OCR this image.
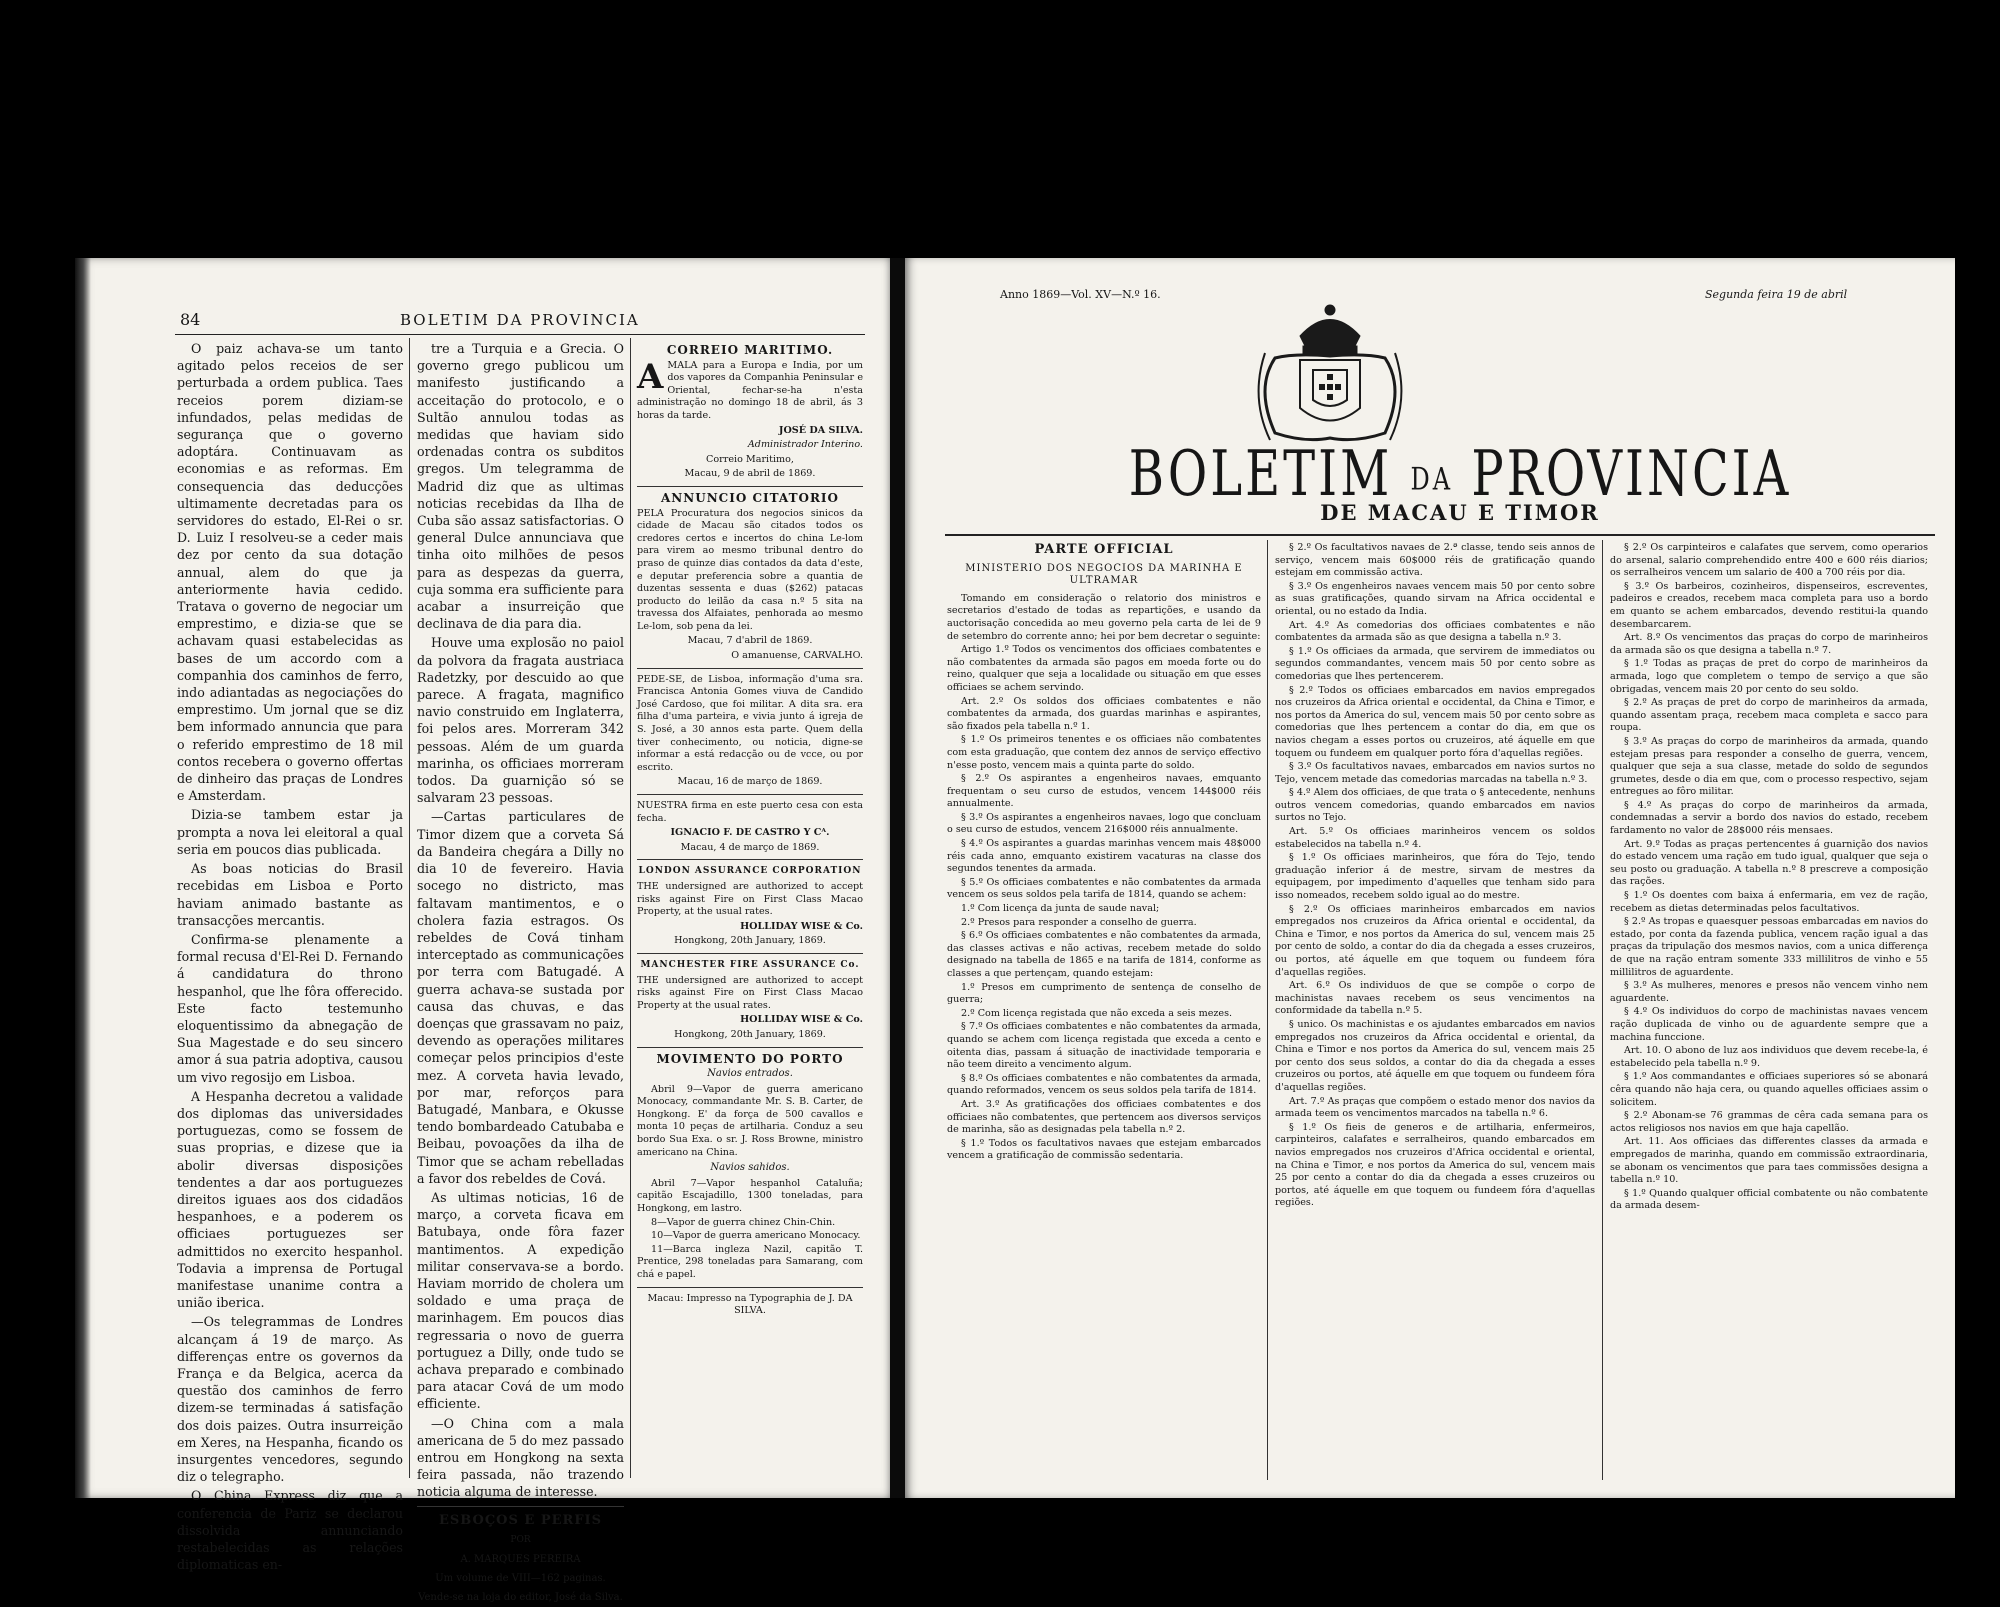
84	BOLETIM DA PROVINCIA

O paiz achava-se um tanto agitado pelos receios de ser perturbada a ordem publica. Taes receios porem diziam-se infundados, pelas medidas de segurança que o governo adoptára. Continuavam as economias e as reformas. Em consequencia das deducções ultimamente decretadas para os servidores do estado, El-Rei o sr. D. Luiz I resolveu-se a ceder mais dez por cento da sua dotação annual, alem do que ja anteriormente havia cedido. Tratava o governo de negociar um emprestimo, e dizia-se que se achavam quasi estabelecidas as bases de um accordo com a companhia dos caminhos de ferro, indo adiantadas as negociações do emprestimo. Um jornal que se diz bem informado annuncia que para o referido emprestimo de 18 mil contos recebera o governo offertas de dinheiro das praças de Londres e Amsterdam.

Dizia-se tambem estar ja prompta a nova lei eleitoral a qual seria em poucos dias publicada.

As boas noticias do Brasil recebidas em Lisboa e Porto haviam animado bastante as transacções mercantis.

Confirma-se plenamente a formal recusa d'El-Rei D. Fernando á candidatura do throno hespanhol, que lhe fôra offerecido. Este facto testemunho eloquentissimo da abnegação de Sua Magestade e do seu sincero amor á sua patria adoptiva, causou um vivo regosijo em Lisboa.

A Hespanha decretou a validade dos diplomas das universidades portuguezas, como se fossem de suas proprias, e dizese que ia abolir diversas disposições tendentes a dar aos portuguezes direitos iguaes aos dos cidadãos hespanhoes, e a poderem os officiaes portuguezes ser admittidos no exercito hespanhol. Todavia a imprensa de Portugal manifestase unanime contra a união iberica.

—Os telegrammas de Londres alcançam á 19 de março. As differenças entre os governos da França e da Belgica, acerca da questão dos caminhos de ferro dizem-se terminadas á satisfação dos dois paizes. Outra insurreição em Xeres, na Hespanha, ficando os insurgentes vencedores, segundo diz o telegrapho.

O China Express diz que a conferencia de Pariz se declarou dissolvida annunciando restabelecidas as relações diplomaticas en-

tre a Turquia e a Grecia. O governo grego publicou um manifesto justificando a acceitação do protocolo, e o Sultão annulou todas as medidas que haviam sido ordenadas contra os subditos gregos. Um telegramma de Madrid diz que as ultimas noticias recebidas da Ilha de Cuba são assaz satisfactorias. O general Dulce annunciava que tinha oito milhões de pesos para as despezas da guerra, cuja somma era sufficiente para acabar a insurreição que declinava de dia para dia.

Houve uma explosão no paiol da polvora da fragata austriaca Radetzky, por descuido ao que parece. A fragata, magnifico navio construido em Inglaterra, foi pelos ares. Morreram 342 pessoas. Além de um guarda marinha, os officiaes morreram todos. Da guarnição só se salvaram 23 pessoas.

—Cartas particulares de Timor dizem que a corveta Sá da Bandeira chegára a Dilly no dia 10 de fevereiro. Havia socego no districto, mas faltavam mantimentos, e o cholera fazia estragos. Os rebeldes de Cová tinham interceptado as communicações por terra com Batugadé. A guerra achava-se sustada por causa das chuvas, e das doenças que grassavam no paiz, devendo as operações militares começar pelos principios d'este mez. A corveta havia levado, por mar, reforços para Batugadé, Manbara, e Okusse tendo bombardeado Catubaba e Beibau, povoações da ilha de Timor que se acham rebelladas a favor dos rebeldes de Cová.

As ultimas noticias, 16 de março, a corveta ficava em Batubaya, onde fôra fazer mantimentos. A expedição militar conservava-se a bordo. Haviam morrido de cholera um soldado e uma praça de marinhagem. Em poucos dias regressaria o novo de guerra portuguez a Dilly, onde tudo se achava preparado e combinado para atacar Cová de um modo efficiente.

—O China com a mala americana de 5 do mez passado entrou em Hongkong na sexta feira passada, não trazendo noticia alguma de interesse.

ESBOÇOS E PERFIS
POR
A. MARQUES PEREIRA
Um volume de VIII—162 paginas.
Vende-se na loja do editor, José da Silva.
CORREIO MARITIMO.

AMALA para a Europa e India, por um dos vapores da Companhia Peninsular e Oriental, fechar-se-ha n'esta administração no domingo 18 de abril, ás 3 horas da tarde.

JOSÉ DA SILVA.
Administrador Interino.
Correio Maritimo,
Macau, 9 de abril de 1869.
ANNUNCIO CITATORIO

PELA Procuratura dos negocios sinicos da cidade de Macau são citados todos os credores certos e incertos do china Le-lom para virem ao mesmo tribunal dentro do praso de quinze dias contados da data d'este, e deputar preferencia sobre a quantia de duzentas sessenta e duas ($262) patacas producto do leilão da casa n.º 5 sita na travessa dos Alfaiates, penhorada ao mesmo Le-lom, sob pena da lei.

Macau, 7 d'abril de 1869.
O amanuense, CARVALHO.

PEDE-SE, de Lisboa, informação d'uma sra. Francisca Antonia Gomes viuva de Candido José Cardoso, que foi militar. A dita sra. era filha d'uma parteira, e vivia junto á igreja de S. José, a 30 annos esta parte. Quem della tiver conhecimento, ou noticia, digne-se informar a está redacção ou de vcce, ou por escrito.

Macau, 16 de março de 1869.

NUESTRA firma en este puerto cesa con esta fecha.

IGNACIO F. DE CASTRO Y Cᴬ.
Macau, 4 de março de 1869.
LONDON ASSURANCE CORPORATION

THE undersigned are authorized to accept risks against Fire on First Class Macao Property, at the usual rates.

HOLLIDAY WISE & Co.
Hongkong, 20th January, 1869.
MANCHESTER FIRE ASSURANCE Co.

THE undersigned are authorized to accept risks against Fire on First Class Macao Property at the usual rates.

HOLLIDAY WISE & Co.
Hongkong, 20th January, 1869.
MOVIMENTO DO PORTO
Navios entrados.

Abril 9—Vapor de guerra americano Monocacy, commandante Mr. S. B. Carter, de Hongkong. E' da força de 500 cavallos e monta 10 peças de artilharia. Conduz a seu bordo Sua Exa. o sr. J. Ross Browne, ministro americano na China.

Navios sahidos.

Abril 7—Vapor hespanhol Cataluña; capitão Escajadillo, 1300 toneladas, para Hongkong, em lastro.

8—Vapor de guerra chinez Chin-Chin.

10—Vapor de guerra americano Monocacy.

11—Barca ingleza Nazil, capitão T. Prentice, 298 toneladas para Samarang, com chá e papel.

Macau: Impresso na Typographia de J. DA SILVA.
Anno 1869—Vol. XV—N.º 16.	Segunda feira 19 de abril
BOLETIM DA PROVINCIA
DE MACAU E TIMOR
PARTE OFFICIAL
MINISTERIO DOS NEGOCIOS DA MARINHA E ULTRAMAR

Tomando em consideração o relatorio dos ministros e secretarios d'estado de todas as repartições, e usando da auctorisação concedida ao meu governo pela carta de lei de 9 de setembro do corrente anno; hei por bem decretar o seguinte:

Artigo 1.º Todos os vencimentos dos officiaes combatentes e não combatentes da armada são pagos em moeda forte ou do reino, qualquer que seja a localidade ou situação em que esses officiaes se achem servindo.

Art. 2.º Os soldos dos officiaes combatentes e não combatentes da armada, dos guardas marinhas e aspirantes, são fixados pela tabella n.º 1.

§ 1.º Os primeiros tenentes e os officiaes não combatentes com esta graduação, que contem dez annos de serviço effectivo n'esse posto, vencem mais a quinta parte do soldo.

§ 2.º Os aspirantes a engenheiros navaes, emquanto frequentam o seu curso de estudos, vencem 144$000 réis annualmente.

§ 3.º Os aspirantes a engenheiros navaes, logo que concluam o seu curso de estudos, vencem 216$000 réis annualmente.

§ 4.º Os aspirantes a guardas marinhas vencem mais 48$000 réis cada anno, emquanto existirem vacaturas na classe dos segundos tenentes da armada.

§ 5.º Os officiaes combatentes e não combatentes da armada vencem os seus soldos pela tarifa de 1814, quando se achem:

1.º Com licença da junta de saude naval;

2.º Presos para responder a conselho de guerra.

§ 6.º Os officiaes combatentes e não combatentes da armada, das classes activas e não activas, recebem metade do soldo designado na tabella de 1865 e na tarifa de 1814, conforme as classes a que pertençam, quando estejam:

1.º Presos em cumprimento de sentença de conselho de guerra;

2.º Com licença registada que não exceda a seis mezes.

§ 7.º Os officiaes combatentes e não combatentes da armada, quando se achem com licença registada que exceda a cento e oitenta dias, passam á situação de inactividade temporaria e não teem direito a vencimento algum.

§ 8.º Os officiaes combatentes e não combatentes da armada, quando reformados, vencem os seus soldos pela tarifa de 1814.

Art. 3.º As gratificações dos officiaes combatentes e dos officiaes não combatentes, que pertencem aos diversos serviços de marinha, são as designadas pela tabella n.º 2.

§ 1.º Todos os facultativos navaes que estejam embarcados vencem a gratificação de commissão sedentaria.

§ 2.º Os facultativos navaes de 2.ª classe, tendo seis annos de serviço, vencem mais 60$000 réis de gratificação quando estejam em commissão activa.

§ 3.º Os engenheiros navaes vencem mais 50 por cento sobre as suas gratificações, quando sirvam na Africa occidental e oriental, ou no estado da India.

Art. 4.º As comedorias dos officiaes combatentes e não combatentes da armada são as que designa a tabella n.º 3.

§ 1.º Os officiaes da armada, que servirem de immediatos ou segundos commandantes, vencem mais 50 por cento sobre as comedorias que lhes pertencerem.

§ 2.º Todos os officiaes embarcados em navios empregados nos cruzeiros da Africa oriental e occidental, da China e Timor, e nos portos da America do sul, vencem mais 50 por cento sobre as comedorias que lhes pertencem a contar do dia, em que os navios chegam a esses portos ou cruzeiros, até áquelle em que toquem ou fundeem em qualquer porto fóra d'aquellas regiões.

§ 3.º Os facultativos navaes, embarcados em navios surtos no Tejo, vencem metade das comedorias marcadas na tabella n.º 3.

§ 4.º Alem dos officiaes, de que trata o § antecedente, nenhuns outros vencem comedorias, quando embarcados em navios surtos no Tejo.

Art. 5.º Os officiaes marinheiros vencem os soldos estabelecidos na tabella n.º 4.

§ 1.º Os officiaes marinheiros, que fóra do Tejo, tendo graduação inferior á de mestre, sirvam de mestres da equipagem, por impedimento d'aquelles que tenham sido para isso nomeados, recebem soldo igual ao do mestre.

§ 2.º Os officiaes marinheiros embarcados em navios empregados nos cruzeiros da Africa oriental e occidental, da China e Timor, e nos portos da America do sul, vencem mais 25 por cento de soldo, a contar do dia da chegada a esses cruzeiros, ou portos, até áquelle em que toquem ou fundeem fóra d'aquellas regiões.

Art. 6.º Os individuos de que se compõe o corpo de machinistas navaes recebem os seus vencimentos na conformidade da tabella n.º 5.

§ unico. Os machinistas e os ajudantes embarcados em navios empregados nos cruzeiros da Africa occidental e oriental, da China e Timor e nos portos da America do sul, vencem mais 25 por cento dos seus soldos, a contar do dia da chegada a esses cruzeiros ou portos, até áquelle em que toquem ou fundeem fóra d'aquellas regiões.

Art. 7.º As praças que compõem o estado menor dos navios da armada teem os vencimentos marcados na tabella n.º 6.

§ 1.º Os fieis de generos e de artilharia, enfermeiros, carpinteiros, calafates e serralheiros, quando embarcados em navios empregados nos cruzeiros d'Africa occidental e oriental, na China e Timor, e nos portos da America do sul, vencem mais 25 por cento a contar do dia da chegada a esses cruzeiros ou portos, até áquelle em que toquem ou fundeem fóra d'aquellas regiões.

§ 2.º Os carpinteiros e calafates que servem, como operarios do arsenal, salario comprehendido entre 400 e 600 réis diarios; os serralheiros vencem um salario de 400 a 700 réis por dia.

§ 3.º Os barbeiros, cozinheiros, dispenseiros, escreventes, padeiros e creados, recebem maca completa para uso a bordo em quanto se achem embarcados, devendo restitui-la quando desembarcarem.

Art. 8.º Os vencimentos das praças do corpo de marinheiros da armada são os que designa a tabella n.º 7.

§ 1.º Todas as praças de pret do corpo de marinheiros da armada, logo que completem o tempo de serviço a que são obrigadas, vencem mais 20 por cento do seu soldo.

§ 2.º As praças de pret do corpo de marinheiros da armada, quando assentam praça, recebem maca completa e sacco para roupa.

§ 3.º As praças do corpo de marinheiros da armada, quando estejam presas para responder a conselho de guerra, vencem, qualquer que seja a sua classe, metade do soldo de segundos grumetes, desde o dia em que, com o processo respectivo, sejam entregues ao fôro militar.

§ 4.º As praças do corpo de marinheiros da armada, condemnadas a servir a bordo dos navios do estado, recebem fardamento no valor de 28$000 réis mensaes.

Art. 9.º Todas as praças pertencentes á guarnição dos navios do estado vencem uma ração em tudo igual, qualquer que seja o seu posto ou graduação. A tabella n.º 8 prescreve a composição das rações.

§ 1.º Os doentes com baixa á enfermaria, em vez de ração, recebem as dietas determinadas pelos facultativos.

§ 2.º As tropas e quaesquer pessoas embarcadas em navios do estado, por conta da fazenda publica, vencem ração igual a das praças da tripulação dos mesmos navios, com a unica differença de que na ração entram somente 333 millilitros de vinho e 55 millilitros de aguardente.

§ 3.º As mulheres, menores e presos não vencem vinho nem aguardente.

§ 4.º Os individuos do corpo de machinistas navaes vencem ração duplicada de vinho ou de aguardente sempre que a machina funccione.

Art. 10. O abono de luz aos individuos que devem recebe-la, é estabelecido pela tabella n.º 9.

§ 1.º Aos commandantes e officiaes superiores só se abonará cêra quando não haja cera, ou quando aquelles officiaes assim o solicitem.

§ 2.º Abonam-se 76 grammas de cêra cada semana para os actos religiosos nos navios em que haja capellão.

Art. 11. Aos officiaes das differentes classes da armada e empregados de marinha, quando em commissão extraordinaria, se abonam os vencimentos que para taes commissões designa a tabella n.º 10.

§ 1.º Quando qualquer official combatente ou não combatente da armada desem-
